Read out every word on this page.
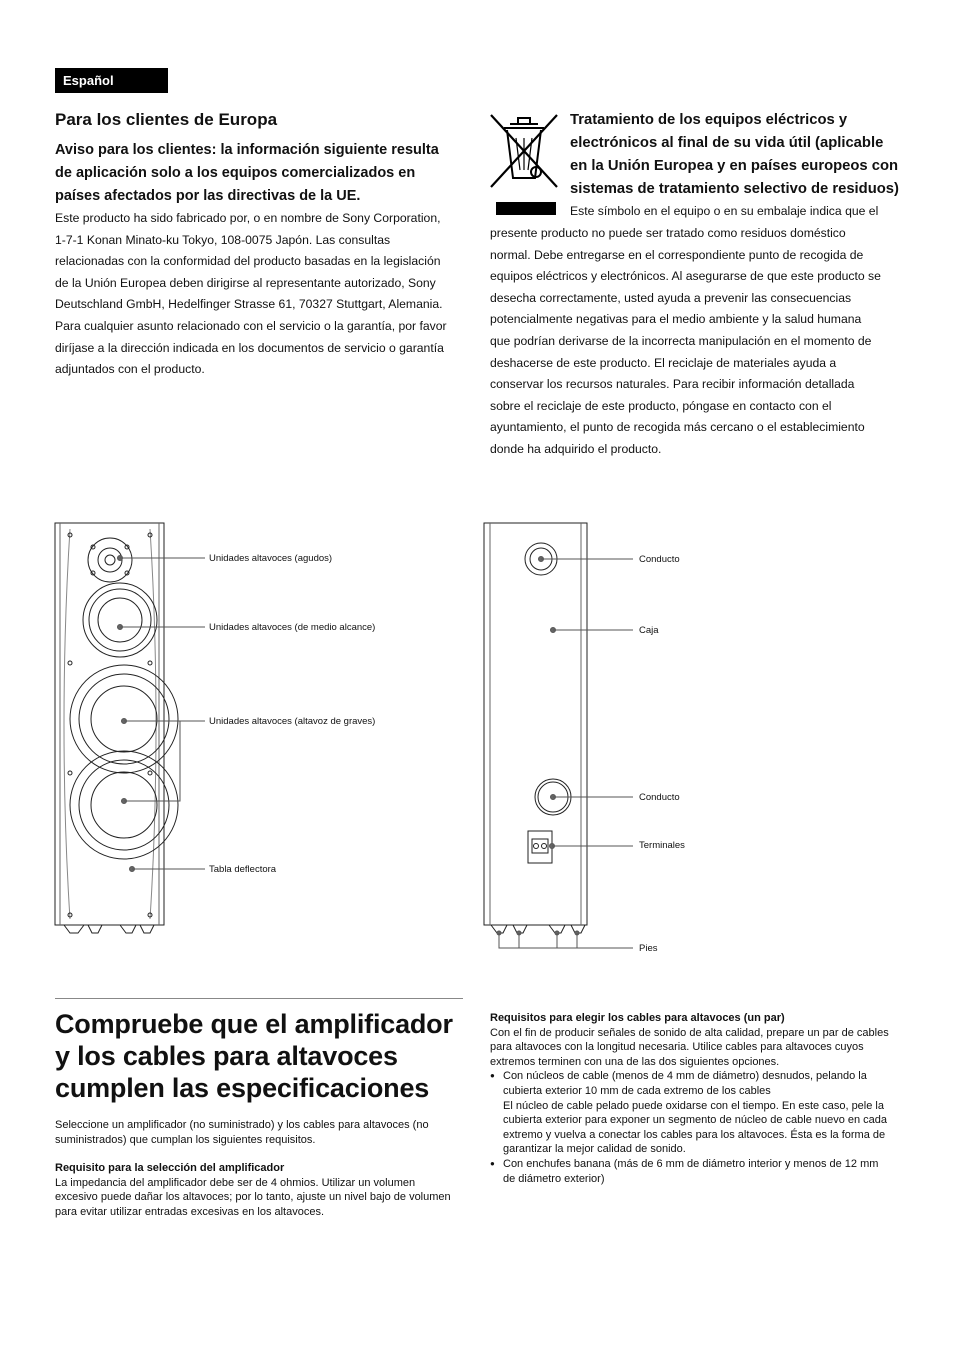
Español
Para los clientes de Europa
Aviso para los clientes: la información siguiente resulta
de aplicación solo a los equipos comercializados en
países afectados por las directivas de la UE.
Este producto ha sido fabricado por, o en nombre de Sony Corporation,
1-7-1 Konan Minato-ku Tokyo, 108-0075 Japón. Las consultas
relacionadas con la conformidad del producto basadas en la legislación
de la Unión Europea deben dirigirse al representante autorizado, Sony
Deutschland GmbH, Hedelfinger Strasse 61, 70327 Stuttgart, Alemania.
Para cualquier asunto relacionado con el servicio o la garantía, por favor
diríjase a la dirección indicada en los documentos de servicio o garantía
adjuntados con el producto.
Tratamiento de los equipos eléctricos y
electrónicos al final de su vida útil (aplicable
en la Unión Europea y en países europeos con
sistemas de tratamiento selectivo de residuos)
Este símbolo en el equipo o en su embalaje indica que el
presente producto no puede ser tratado como residuos doméstico
normal. Debe entregarse en el correspondiente punto de recogida de
equipos eléctricos y electrónicos. Al asegurarse de que este producto se
desecha correctamente, usted ayuda a prevenir las consecuencias
potencialmente negativas para el medio ambiente y la salud humana
que podrían derivarse de la incorrecta manipulación en el momento de
deshacerse de este producto. El reciclaje de materiales ayuda a
conservar los recursos naturales. Para recibir información detallada
sobre el reciclaje de este producto, póngase en contacto con el
ayuntamiento, el punto de recogida más cercano o el establecimiento
donde ha adquirido el producto.
Unidades altavoces (agudos)
Unidades altavoces (de medio alcance)
Unidades altavoces (altavoz de graves)
Tabla deflectora
Conducto
Caja
Conducto
Terminales
Pies
Compruebe que el amplificador
y los cables para altavoces
cumplen las especificaciones
Seleccione un amplificador (no suministrado) y los cables para altavoces (no
suministrados) que cumplan los siguientes requisitos.
Requisito para la selección del amplificador
La impedancia del amplificador debe ser de 4 ohmios. Utilizar un volumen
excesivo puede dañar los altavoces; por lo tanto, ajuste un nivel bajo de volumen
para evitar utilizar entradas excesivas en los altavoces.
Requisitos para elegir los cables para altavoces (un par)
Con el fin de producir señales de sonido de alta calidad, prepare un par de cables
para altavoces con la longitud necesaria. Utilice cables para altavoces cuyos
extremos terminen con una de las dos siguientes opciones.
● Con núcleos de cable (menos de 4 mm de diámetro) desnudos, pelando la
cubierta exterior 10 mm de cada extremo de los cables
El núcleo de cable pelado puede oxidarse con el tiempo. En este caso, pele la
cubierta exterior para exponer un segmento de núcleo de cable nuevo en cada
extremo y vuelva a conectar los cables para los altavoces. Ésta es la forma de
garantizar la mejor calidad de sonido.
● Con enchufes banana (más de 6 mm de diámetro interior y menos de 12 mm
de diámetro exterior)
